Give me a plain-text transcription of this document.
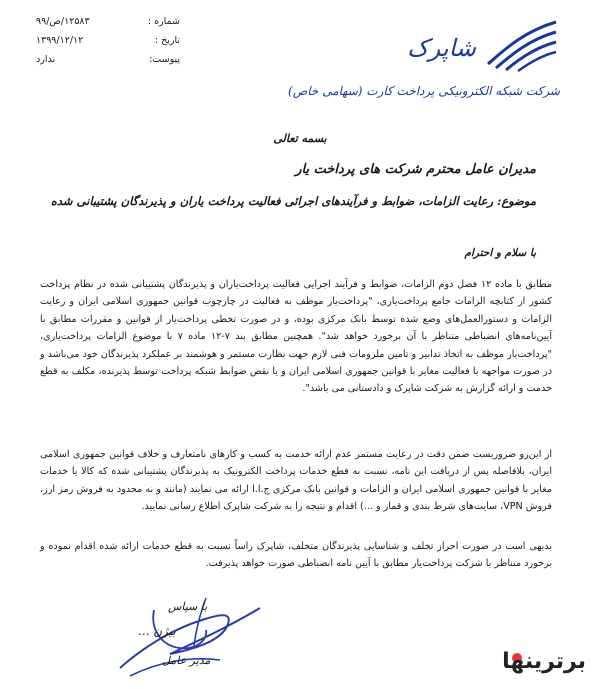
شماره :
۱۲۵۸۳/ص/۹۹
تاریخ :
۱۳۹۹/۱۲/۱۲
پیوست:
ندارد	شاپرک
شرکت شبکه الکترونیکی پرداخت کارت (سهامی خاص)
بسمه تعالی
مدیران عامل محترم شرکت های پرداخت یار
موضوع: رعایت الزامات، ضوابط و فرآیندهای اجرائی فعالیت پرداخت یاران و پذیرندگان پشتیبانی شده
با سلام و احترام

مطابق با ماده ۱۲ فصل دوم الزامات، ضوابط و فرآیند اجرایی فعالیت پرداخت‌یاران و پذیرندگان پشتیبانی شده در نظام پرداخت کشور از کتابچه الزامات جامع پرداخت‌یاری، "پرداخت‌یار موظف به فعالیت در چارچوب قوانین جمهوری اسلامی ایران و رعایت الزامات و دستورالعمل‌های وضع شده توسط بانک مرکزی بوده، و در صورت تخطی پرداخت‌یار از قوانین و مقررات مطابق با آیین‌نامه‌های انضباطی متناظر با آن برخورد خواهد شد". همچنین مطابق بند ۷-۱۲ ماده ۷ با موضوع الزامات پرداخت‌یاری، "پرداخت‌یار موظف به اتخاذ تدابیر و تامین ملزومات فنی لازم جهت نظارت مستمر و هوشمند بر عملکرد پذیرندگان خود می‌باشد و در صورت مواجهه با فعالیت مغایر با قوانین جمهوری اسلامی ایران و یا نقض ضوابط شبکه پرداخت توسط پذیرنده، مکلف به قطع خدمت و ارائه گزارش به شرکت شاپرک و دادستانی می باشد".

از این‌رو ضروریست ضمن دقت در رعایت مستمر عدم ارائه خدمت به کسب و کارهای نامتعارف و خلاف قوانین جمهوری اسلامی ایران، بلافاصله پس از دریافت این نامه، نسبت به قطع خدمات پرداخت الکترونیک به پذیرندگان پشتیبانی شده که کالا یا خدمات مغایر با قوانین جمهوری اسلامی ایران و الزامات و قوانین بانک مرکزی ج.ا.ا ارائه می نمایند (مانند و نه محدود به فروش رمز ارز، فروش VPN، سایت‌های شرط بندی و قمار و ...) اقدام و نتیجه را به شرکت شاپرک اطلاع رسانی نمایید.

بدیهی است در صورت احراز تخلف و شناسایی پذیرندگان متخلف، شاپرک راساً نسبت به قطع خدمات ارائه شده اقدام نموده و برخورد متناظر با شرکت پرداخت‌یار مطابق با آیین نامه انضباطی صورت خواهد پذیرفت.

با سپاس
بیژن ...
مدیر عامل	برترینها
